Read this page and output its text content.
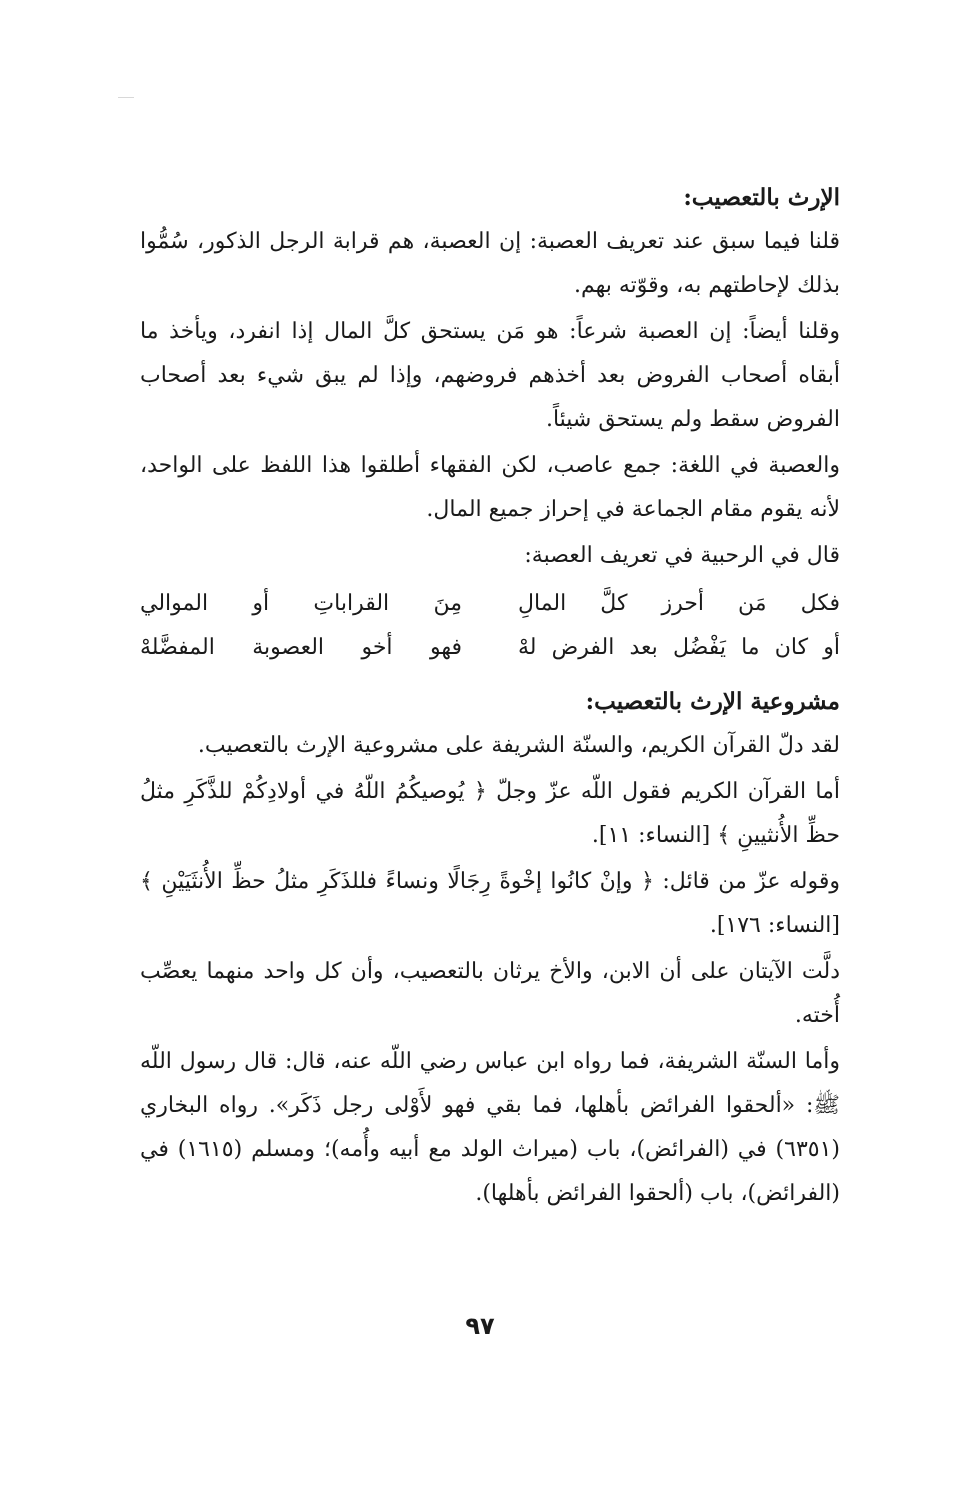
الإرث بالتعصيب:

قلنا فيما سبق عند تعريف العصبة: إن العصبة، هم قرابة الرجل الذكور، سُمُّوا بذلك لإحاطتهم به، وقوّته بهم.

وقلنا أيضاً: إن العصبة شرعاً: هو مَن يستحق كلَّ المال إذا انفرد، ويأخذ ما أبقاه أصحاب الفروض بعد أخذهم فروضهم، وإذا لم يبق شيء بعد أصحاب الفروض سقط ولم يستحق شيئاً.

والعصبة في اللغة: جمع عاصب، لكن الفقهاء أطلقوا هذا اللفظ على الواحد، لأنه يقوم مقام الجماعة في إحراز جميع المال.

قال في الرحبية في تعريف العصبة:

فكل مَن أحرز كلَّ المالِ
مِنَ القراباتِ أو الموالي
أو كان ما يَفْضُل بعد الفرض لهْ
فهو أخو العصوبة المفضَّلهْ
مشروعية الإرث بالتعصيب:

لقد دلّ القرآن الكريم، والسنّة الشريفة على مشروعية الإرث بالتعصيب.

أما القرآن الكريم فقول اللّه عزّ وجلّ ﴿ يُوصيكُمُ اللّهُ في أولادِكُمْ للذَّكَرِ مثلُ حظِّ الأُنثيينِ ﴾ [النساء: ١١].

وقوله عزّ من قائل: ﴿ وإنْ كانُوا إخْوةً رِجَالًا ونساءً فللذَكَرِ مثلُ حظِّ الأُنثَيَيْنِ ﴾ [النساء: ١٧٦].

دلَّت الآيتان على أن الابن، والأخ يرثان بالتعصيب، وأن كل واحد منهما يعصِّب أُخته.

وأما السنّة الشريفة، فما رواه ابن عباس رضي اللّه عنه، قال: قال رسول اللّه ﷺ: «ألحقوا الفرائض بأهلها، فما بقي فهو لأَوْلى رجل ذَكَر». رواه البخاري (٦٣٥١) في (الفرائض)، باب (ميراث الولد مع أبيه وأُمه)؛ ومسلم (١٦١٥) في (الفرائض)، باب (ألحقوا الفرائض بأهلها).

٩٧
